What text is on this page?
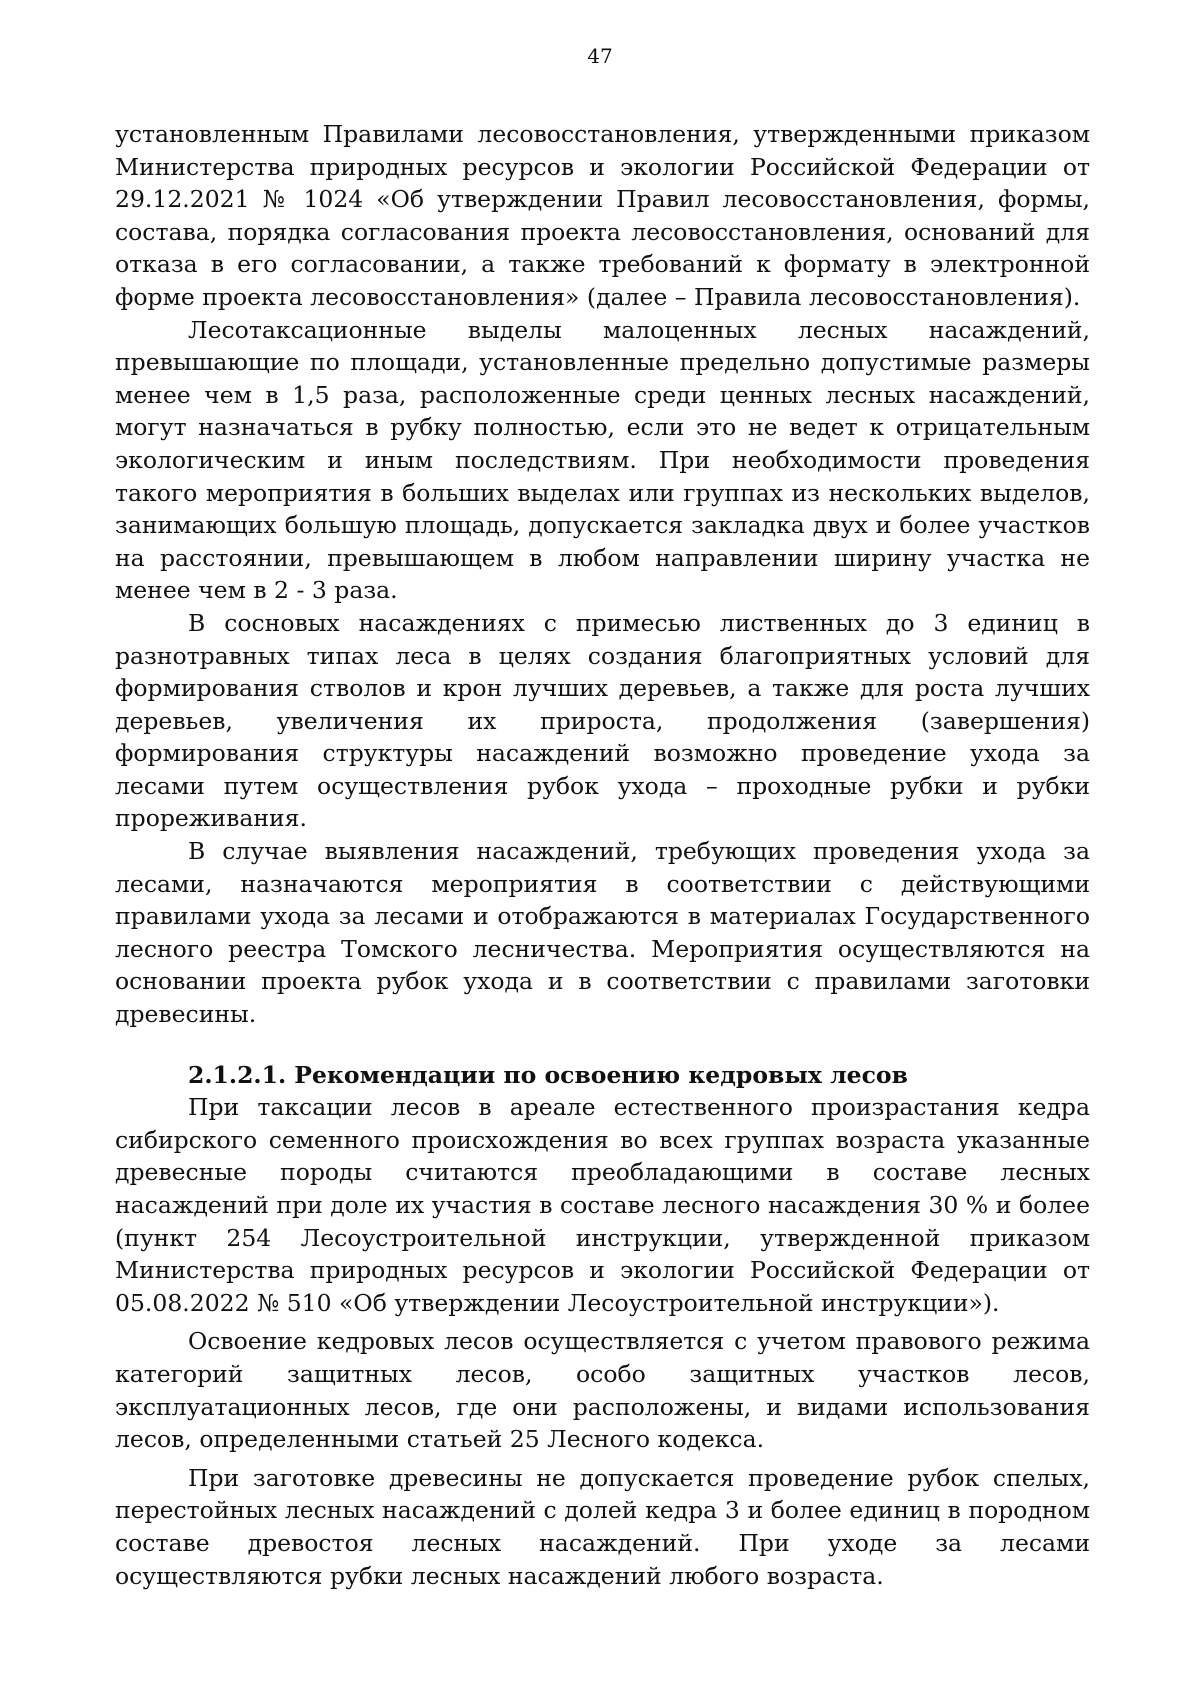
47

установленным Правилами лесовосстановления, утвержденными приказом Министерства природных ресурсов и экологии Российской Федерации от 29.12.2021 № 1024 «Об утверждении Правил лесовосстановления, формы, состава, порядка согласования проекта лесовосстановления, оснований для отказа в его согласовании, а также требований к формату в электронной форме проекта лесовосстановления» (далее – Правила лесовосстановления).

Лесотаксационные выделы малоценных лесных насаждений, превышающие по площади, установленные предельно допустимые размеры менее чем в 1,5 раза, расположенные среди ценных лесных насаждений, могут назначаться в рубку полностью, если это не ведет к отрицательным экологическим и иным последствиям. При необходимости проведения такого мероприятия в больших выделах или группах из нескольких выделов, занимающих большую площадь, допускается закладка двух и более участков на расстоянии, превышающем в любом направлении ширину участка не менее чем в 2 - 3 раза.

В сосновых насаждениях с примесью лиственных до 3 единиц в разнотравных типах леса в целях создания благоприятных условий для формирования стволов и крон лучших деревьев, а также для роста лучших деревьев, увеличения их прироста, продолжения (завершения) формирования структуры насаждений возможно проведение ухода за лесами путем осуществления рубок ухода – проходные рубки и рубки прореживания.

В случае выявления насаждений, требующих проведения ухода за лесами, назначаются мероприятия в соответствии с действующими правилами ухода за лесами и отображаются в материалах Государственного лесного реестра Томского лесничества. Мероприятия осуществляются на основании проекта рубок ухода и в соответствии с правилами заготовки древесины.

2.1.2.1. Рекомендации по освоению кедровых лесов

При таксации лесов в ареале естественного произрастания кедра сибирского семенного происхождения во всех группах возраста указанные древесные породы считаются преобладающими в составе лесных насаждений при доле их участия в составе лесного насаждения 30 % и более (пункт 254 Лесоустроительной инструкции, утвержденной приказом Министерства природных ресурсов и экологии Российской Федерации от 05.08.2022 № 510 «Об утверждении Лесоустроительной инструкции»).

Освоение кедровых лесов осуществляется с учетом правового режима категорий защитных лесов, особо защитных участков лесов, эксплуатационных лесов, где они расположены, и видами использования лесов, определенными статьей 25 Лесного кодекса.

При заготовке древесины не допускается проведение рубок спелых, перестойных лесных насаждений с долей кедра 3 и более единиц в породном составе древостоя лесных насаждений. При уходе за лесами осуществляются рубки лесных насаждений любого возраста.
